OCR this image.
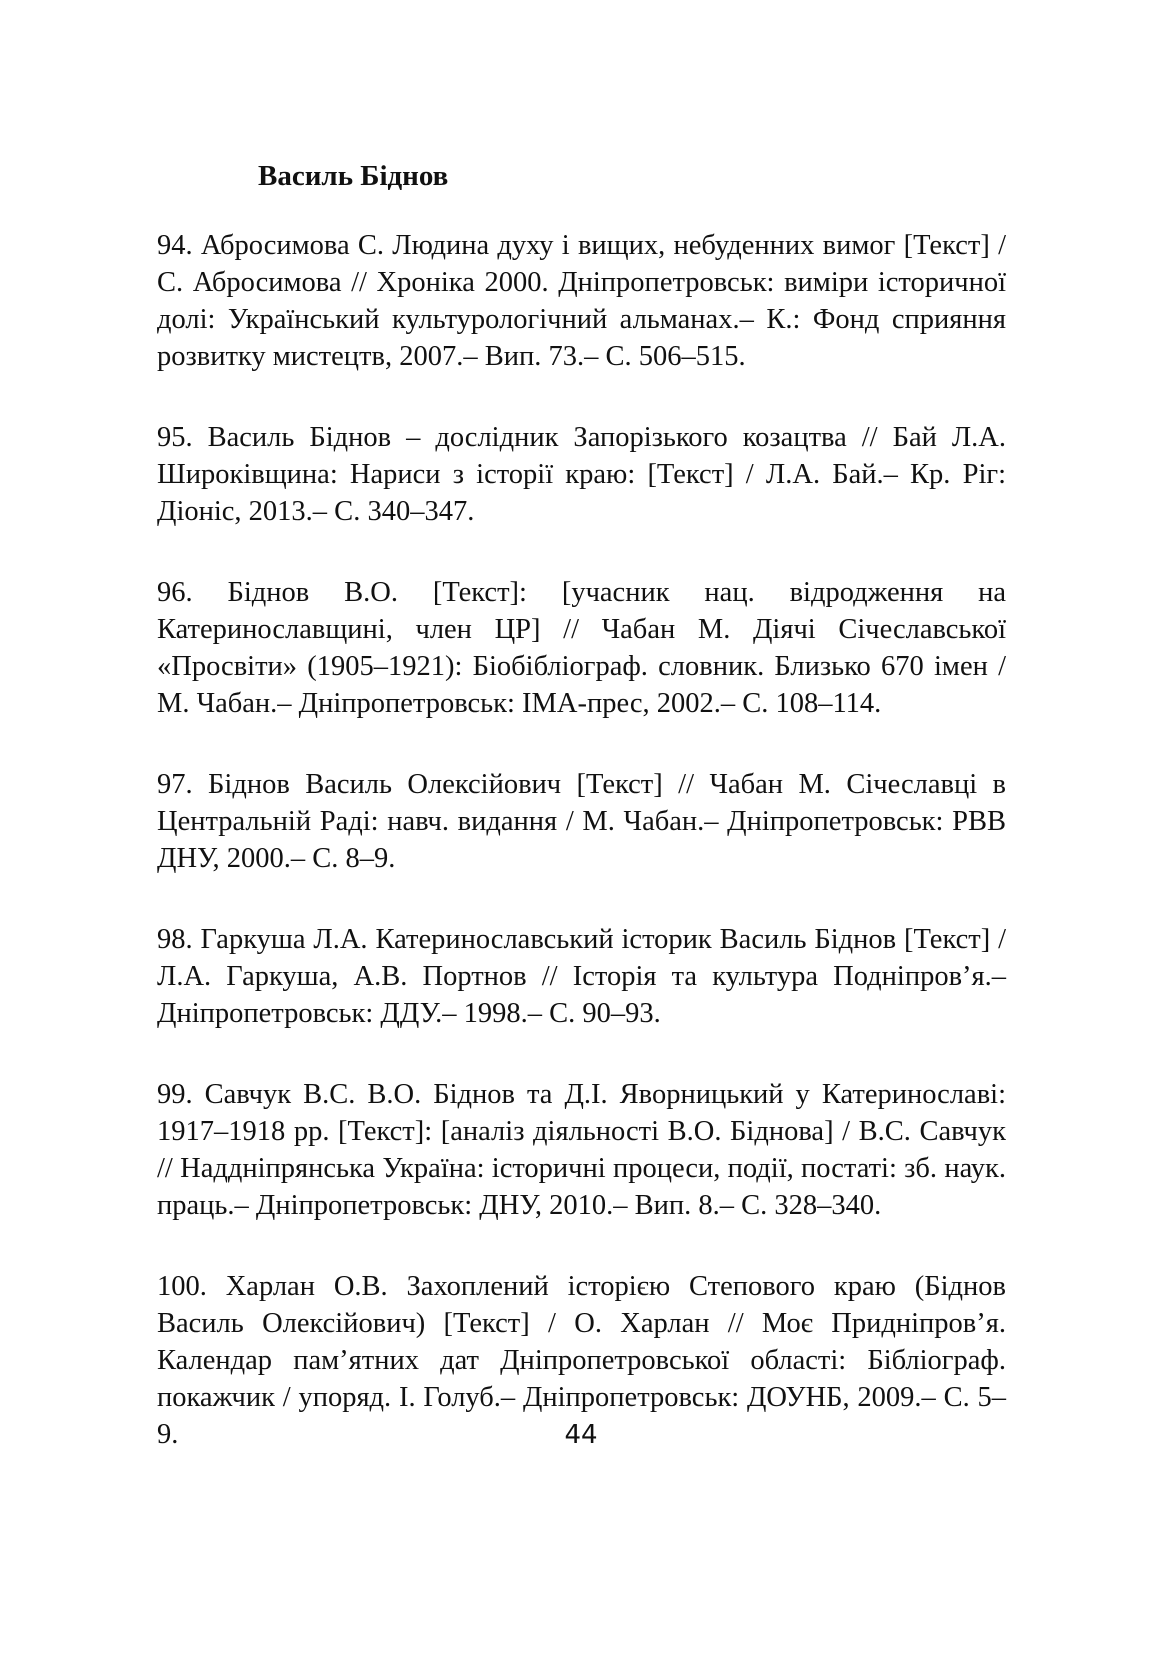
Василь Біднов
94. Абросимова С. Людина духу і вищих, небуденних вимог [Текст] / С. Абросимова // Хроніка 2000. Дніпропетровськ: виміри історичної долі: Український культурологічний альманах.– К.: Фонд сприяння розвитку мистецтв, 2007.– Вип. 73.– С. 506–515.
95. Василь Біднов – дослідник Запорізького козацтва // Бай Л.А. Широківщина: Нариси з історії краю: [Текст] / Л.А. Бай.– Кр. Ріг: Діоніс, 2013.– С. 340–347.
96. Біднов В.О. [Текст]: [учасник нац. відродження на Катеринославщині, член ЦР] // Чабан М. Діячі Січеславської «Просвіти» (1905–1921): Біобібліограф. словник. Близько 670 імен / М. Чабан.– Дніпропетровськ: ІМА-прес, 2002.– С. 108–114.
97. Біднов Василь Олексійович [Текст] // Чабан М. Січеславці в Центральній Раді: навч. видання / М. Чабан.– Дніпропетровськ: РВВ ДНУ, 2000.– С. 8–9.
98. Гаркуша Л.А. Катеринославський історик Василь Біднов [Текст] / Л.А. Гаркуша, А.В. Портнов // Історія та культура Подніпров’я.– Дніпропетровськ: ДДУ.– 1998.– С. 90–93.
99. Савчук В.С. В.О. Біднов та Д.І. Яворницький у Катеринославі: 1917–1918 рр. [Текст]: [аналіз діяльності В.О. Біднова] / В.С. Савчук // Наддніпрянська Україна: історичні процеси, події, постаті: зб. наук. праць.– Дніпропетровськ: ДНУ, 2010.– Вип. 8.– С. 328–340.
100. Харлан О.В. Захоплений історією Степового краю (Біднов Василь Олексійович) [Текст] / О. Харлан // Моє Придніпров’я. Календар пам’ятних дат Дніпропетровської області: Бібліограф. покажчик / упоряд. І. Голуб.– Дніпропетровськ: ДОУНБ, 2009.– С. 5–9.	44
